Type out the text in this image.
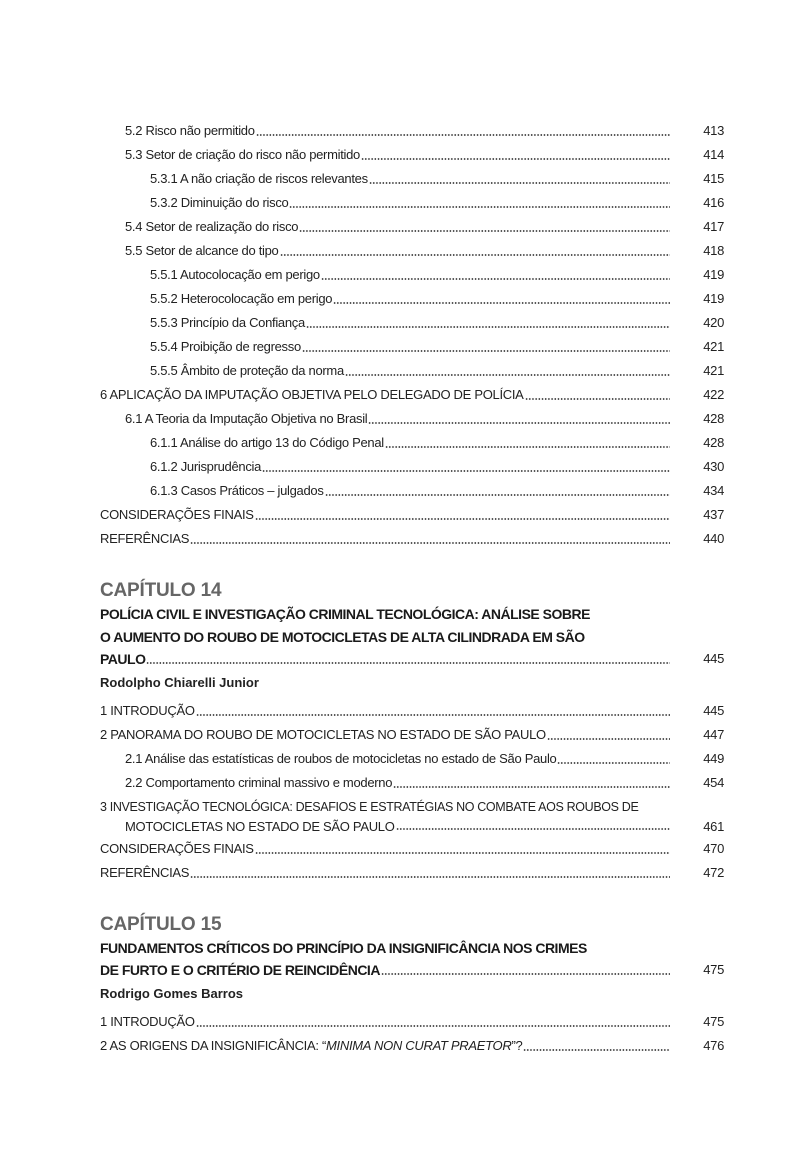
5.2 Risco não permitido	413
5.3 Setor de criação do risco não permitido	414
5.3.1 A não criação de riscos relevantes	415
5.3.2 Diminuição do risco	416
5.4 Setor de realização do risco	417
5.5 Setor de alcance do tipo	418
5.5.1 Autocolocação em perigo	419
5.5.2 Heterocolocação em perigo	419
5.5.3 Princípio da Confiança	420
5.5.4 Proibição de regresso	421
5.5.5 Âmbito de proteção da norma	421
6 APLICAÇÃO DA IMPUTAÇÃO OBJETIVA PELO DELEGADO DE POLÍCIA	422
6.1 A Teoria da Imputação Objetiva no Brasil	428
6.1.1 Análise do artigo 13 do Código Penal	428
6.1.2 Jurisprudência	430
6.1.3 Casos Práticos – julgados	434
CONSIDERAÇÕES FINAIS	437
REFERÊNCIAS	440
CAPÍTULO 14
POLÍCIA CIVIL E INVESTIGAÇÃO CRIMINAL TECNOLÓGICA: ANÁLISE SOBRE
O AUMENTO DO ROUBO DE MOTOCICLETAS DE ALTA CILINDRADA EM SÃO
PAULO	445
Rodolpho Chiarelli Junior
1 INTRODUÇÃO	445
2 PANORAMA DO ROUBO DE MOTOCICLETAS NO ESTADO DE SÃO PAULO	447
2.1 Análise das estatísticas de roubos de motocicletas no estado de São Paulo	449
2.2 Comportamento criminal massivo e moderno	454
3 INVESTIGAÇÃO TECNOLÓGICA: DESAFIOS E ESTRATÉGIAS NO COMBATE AOS ROUBOS DE
MOTOCICLETAS NO ESTADO DE SÃO PAULO	461
CONSIDERAÇÕES FINAIS	470
REFERÊNCIAS	472
CAPÍTULO 15
FUNDAMENTOS CRÍTICOS DO PRINCÍPIO DA INSIGNIFICÂNCIA NOS CRIMES
DE FURTO E O CRITÉRIO DE REINCIDÊNCIA	475
Rodrigo Gomes Barros
1 INTRODUÇÃO	475
2 AS ORIGENS DA INSIGNIFICÂNCIA: “MINIMA NON CURAT PRAETOR”?	476
